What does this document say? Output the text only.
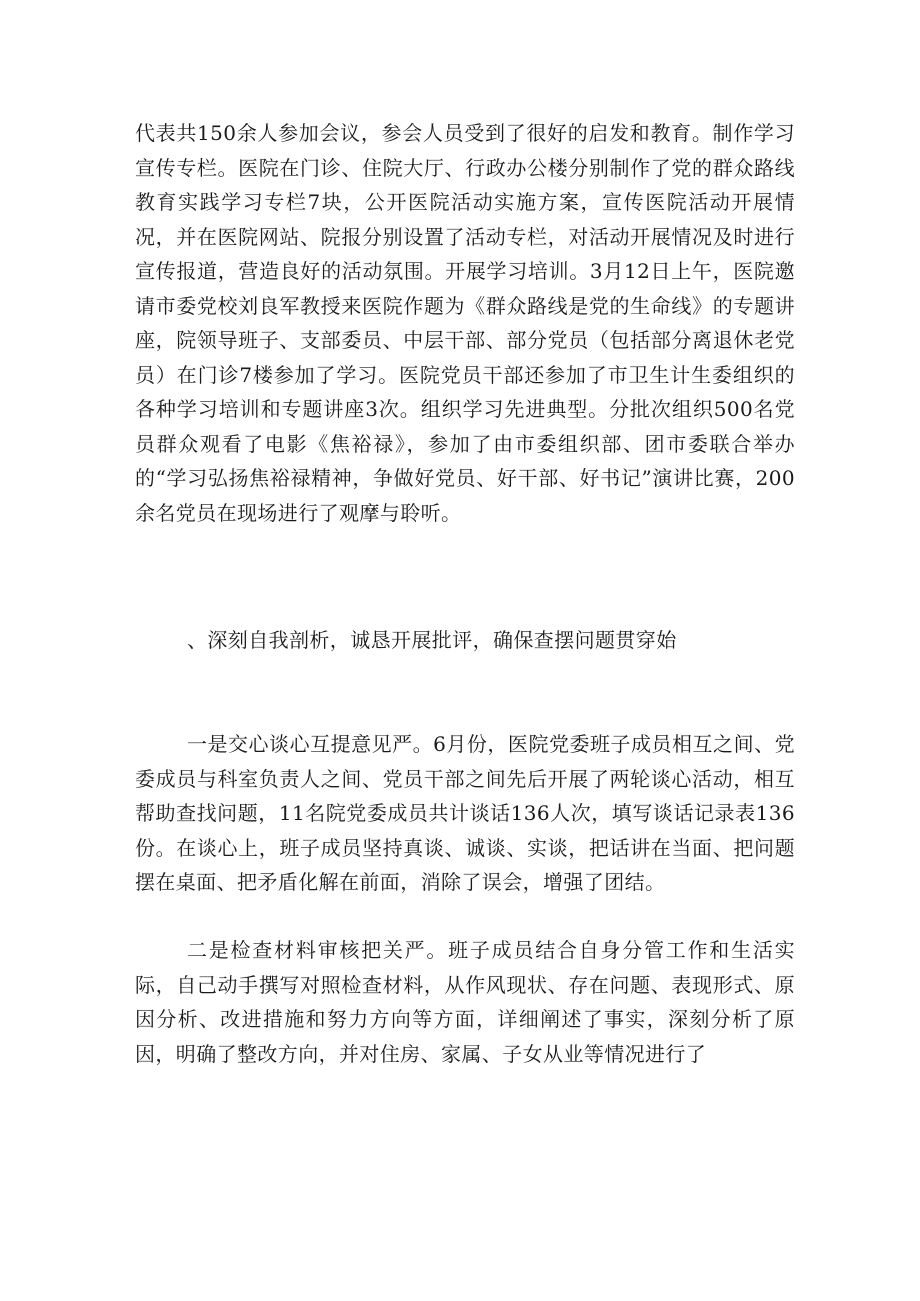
代表共150余人参加会议，参会人员受到了很好的启发和教育。制作学习宣传专栏。医院在门诊、住院大厅、行政办公楼分别制作了党的群众路线教育实践学习专栏7块，公开医院活动实施方案，宣传医院活动开展情况，并在医院网站、院报分别设置了活动专栏，对活动开展情况及时进行宣传报道，营造良好的活动氛围。开展学习培训。3月12日上午，医院邀请市委党校刘良军教授来医院作题为《群众路线是党的生命线》的专题讲座，院领导班子、支部委员、中层干部、部分党员（包括部分离退休老党员）在门诊7楼参加了学习。医院党员干部还参加了市卫生计生委组织的各种学习培训和专题讲座3次。组织学习先进典型。分批次组织500名党员群众观看了电影《焦裕禄》，参加了由市委组织部、团市委联合举办的“学习弘扬焦裕禄精神，争做好党员、好干部、好书记”演讲比赛，200余名党员在现场进行了观摩与聆听。

、深刻自我剖析，诚恳开展批评，确保查摆问题贯穿始

一是交心谈心互提意见严。6月份，医院党委班子成员相互之间、党委成员与科室负责人之间、党员干部之间先后开展了两轮谈心活动，相互帮助查找问题，11名院党委成员共计谈话136人次，填写谈话记录表136份。在谈心上，班子成员坚持真谈、诚谈、实谈，把话讲在当面、把问题摆在桌面、把矛盾化解在前面，消除了误会，增强了团结。

二是检查材料审核把关严。班子成员结合自身分管工作和生活实际，自己动手撰写对照检查材料，从作风现状、存在问题、表现形式、原因分析、改进措施和努力方向等方面，详细阐述了事实，深刻分析了原因，明确了整改方向，并对住房、家属、子女从业等情况进行了
